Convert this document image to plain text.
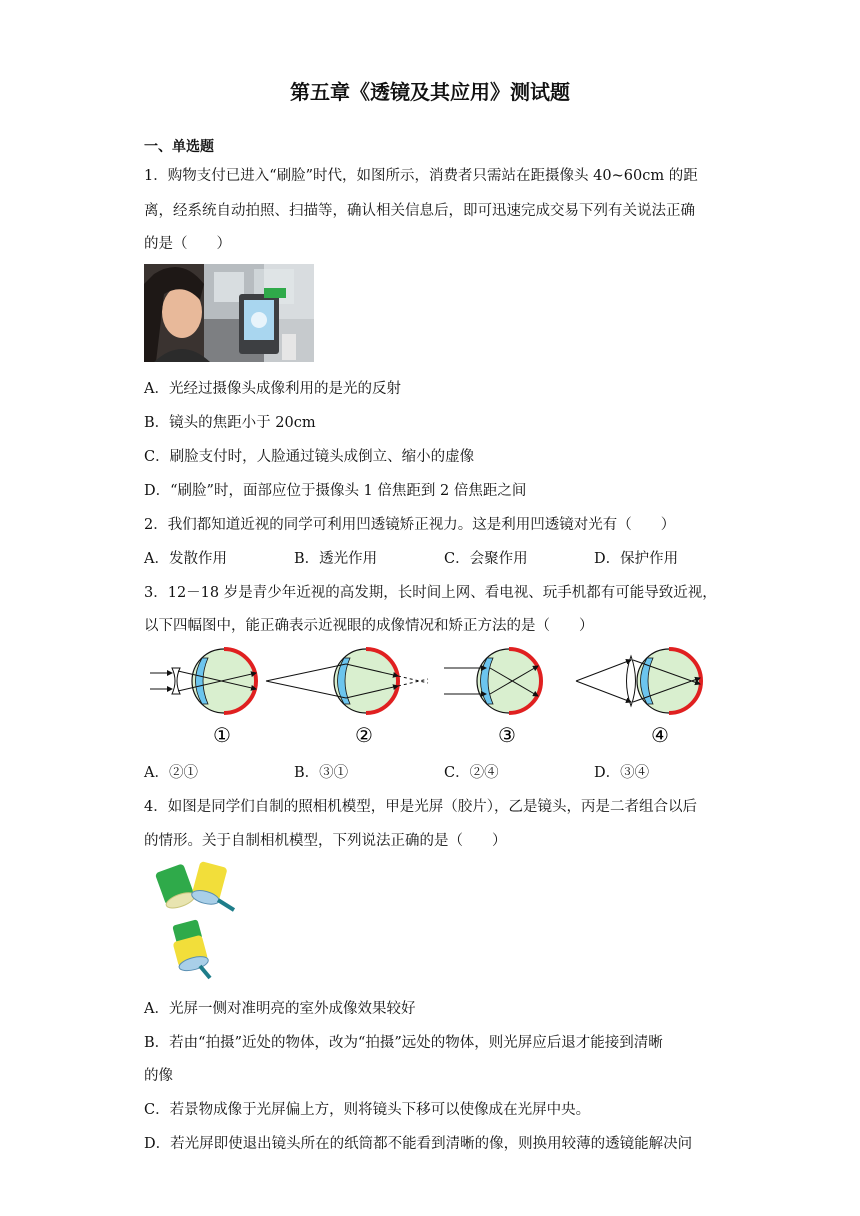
第五章《透镜及其应用》测试题
一、单选题
1．购物支付已进入“刷脸”时代，如图所示，消费者只需站在距摄像头 40~60cm 的距
离，经系统自动拍照、扫描等，确认相关信息后，即可迅速完成交易下列有关说法正确
的是（　　）
A．光经过摄像头成像利用的是光的反射
B．镜头的焦距小于 20cm
C．刷脸支付时，人脸通过镜头成倒立、缩小的虚像
D．“刷脸”时，面部应位于摄像头 1 倍焦距到 2 倍焦距之间
2．我们都知道近视的同学可利用凹透镜矫正视力。这是利用凹透镜对光有（　　）
A．发散作用	B．透光作用	C．会聚作用	D．保护作用
3．12－18 岁是青少年近视的高发期，长时间上网、看电视、玩手机都有可能导致近视，
以下四幅图中，能正确表示近视眼的成像情况和矫正方法的是（　　）
①	②	③	④
A．②①	B．③①	C．②④	D．③④
4．如图是同学们自制的照相机模型，甲是光屏（胶片），乙是镜头，丙是二者组合以后
的情形。关于自制相机模型，下列说法正确的是（　　）
A．光屏一侧对准明亮的室外成像效果较好
B．若由“拍摄”近处的物体，改为“拍摄”远处的物体，则光屏应后退才能接到清晰
的像
C．若景物成像于光屏偏上方，则将镜头下移可以使像成在光屏中央。
D．若光屏即使退出镜头所在的纸筒都不能看到清晰的像，则换用较薄的透镜能解决问
